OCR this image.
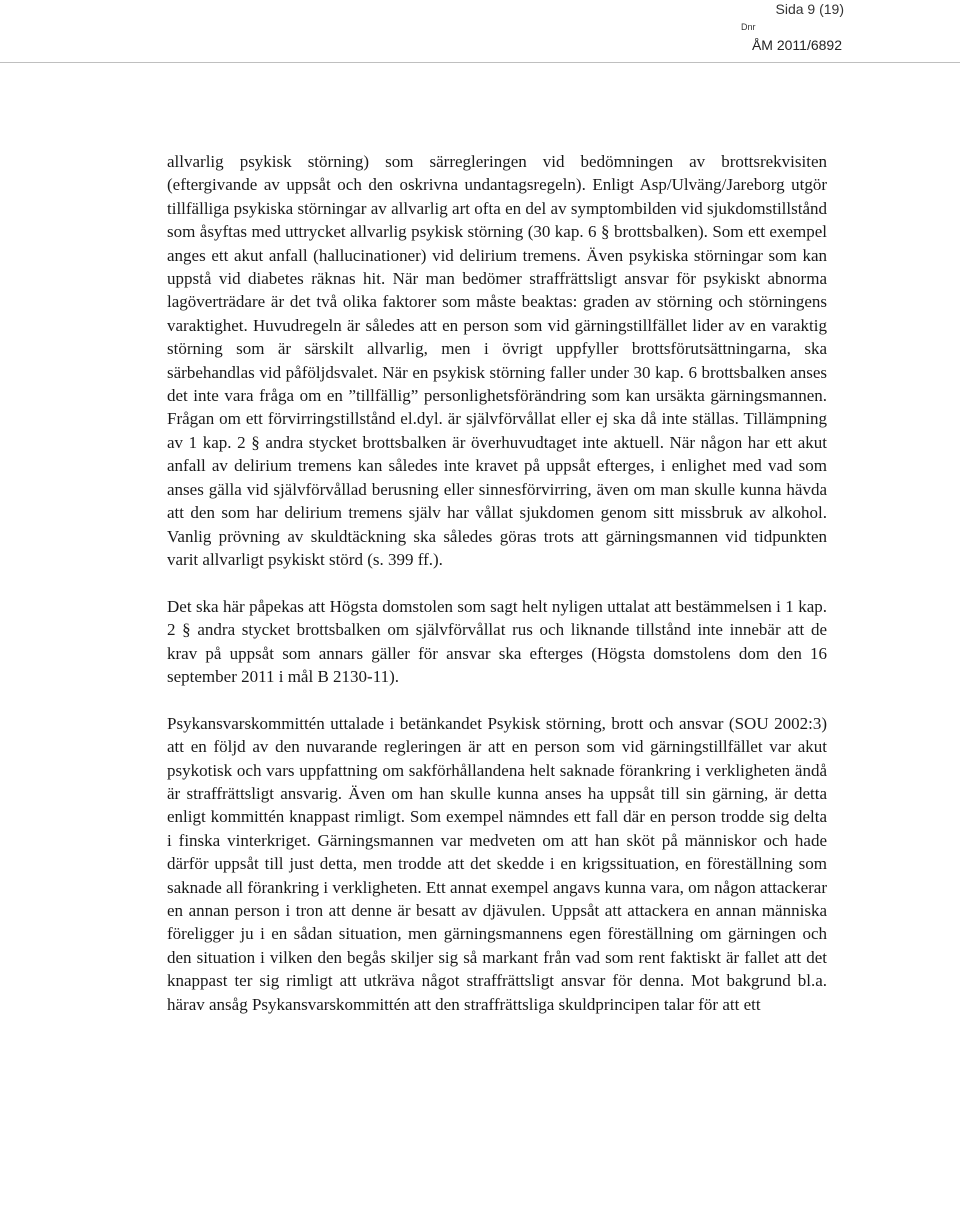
Sida 9 (19)
Dnr
ÅM 2011/6892

allvarlig psykisk störning) som särregleringen vid bedömningen av brottsrekvisiten (eftergivande av uppsåt och den oskrivna undantagsregeln). Enligt Asp/Ulväng/Jareborg utgör tillfälliga psykiska störningar av allvarlig art ofta en del av symptombilden vid sjukdomstillstånd som åsyftas med uttrycket allvarlig psykisk störning (30 kap. 6 § brottsbalken). Som ett exempel anges ett akut anfall (hallucinationer) vid delirium tremens. Även psykiska störningar som kan uppstå vid diabetes räknas hit. När man bedömer straffrättsligt ansvar för psykiskt abnorma lagöverträdare är det två olika faktorer som måste beaktas: graden av störning och störningens varaktighet. Huvudregeln är således att en person som vid gärningstillfället lider av en varaktig störning som är särskilt allvarlig, men i övrigt uppfyller brottsförutsättningarna, ska särbehandlas vid påföljdsvalet. När en psykisk störning faller under 30 kap. 6 brottsbalken anses det inte vara fråga om en ”tillfällig” personlighetsförändring som kan ursäkta gärningsmannen. Frågan om ett förvirringstillstånd el.dyl. är självförvållat eller ej ska då inte ställas. Tillämpning av 1 kap. 2 § andra stycket brottsbalken är överhuvudtaget inte aktuell. När någon har ett akut anfall av delirium tremens kan således inte kravet på uppsåt efterges, i enlighet med vad som anses gälla vid självförvållad berusning eller sinnesförvirring, även om man skulle kunna hävda att den som har delirium tremens själv har vållat sjukdomen genom sitt missbruk av alkohol. Vanlig prövning av skuldtäckning ska således göras trots att gärningsmannen vid tidpunkten varit allvarligt psykiskt störd (s. 399 ff.).

Det ska här påpekas att Högsta domstolen som sagt helt nyligen uttalat att bestämmelsen i 1 kap. 2 § andra stycket brottsbalken om självförvållat rus och liknande tillstånd inte innebär att de krav på uppsåt som annars gäller för ansvar ska efterges (Högsta domstolens dom den 16 september 2011 i mål B 2130-11).

Psykansvarskommittén uttalade i betänkandet Psykisk störning, brott och ansvar (SOU 2002:3) att en följd av den nuvarande regleringen är att en person som vid gärningstillfället var akut psykotisk och vars uppfattning om sakförhållandena helt saknade förankring i verkligheten ändå är straffrättsligt ansvarig. Även om han skulle kunna anses ha uppsåt till sin gärning, är detta enligt kommittén knappast rimligt. Som exempel nämndes ett fall där en person trodde sig delta i finska vinterkriget. Gärningsmannen var medveten om att han sköt på människor och hade därför uppsåt till just detta, men trodde att det skedde i en krigssituation, en föreställning som saknade all förankring i verkligheten. Ett annat exempel angavs kunna vara, om någon attackerar en annan person i tron att denne är besatt av djävulen. Uppsåt att attackera en annan människa föreligger ju i en sådan situation, men gärningsmannens egen föreställning om gärningen och den situation i vilken den begås skiljer sig så markant från vad som rent faktiskt är fallet att det knappast ter sig rimligt att utkräva något straffrättsligt ansvar för denna. Mot bakgrund bl.a. härav ansåg Psykansvarskommittén att den straffrättsliga skuldprincipen talar för att ett
